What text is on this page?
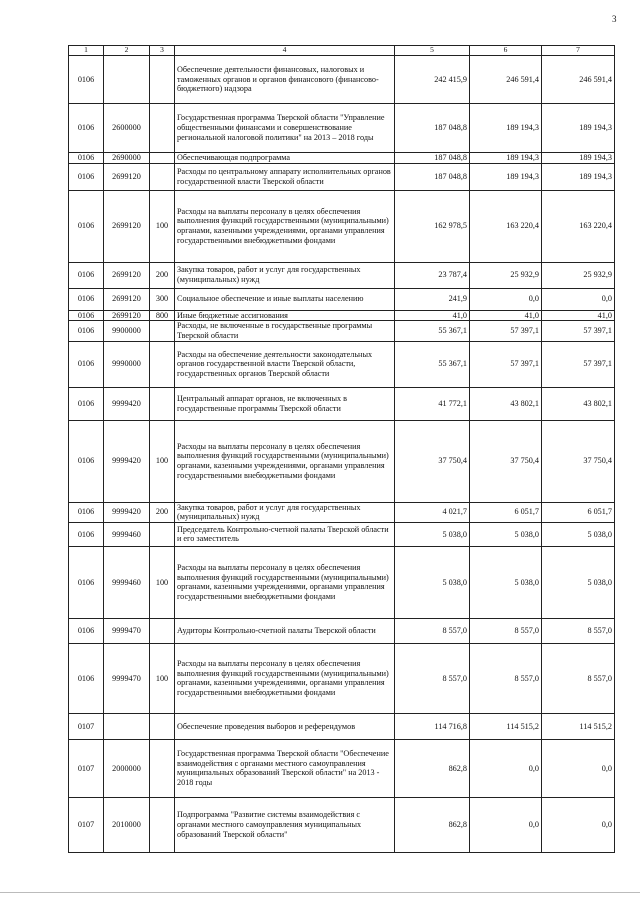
3
1	2	3	4	5	6	7
0106			Обеспечение деятельности финансовых, налоговых и таможенных органов и органов финансового (финансово-бюджетного) надзора	242 415,9	246 591,4	246 591,4
0106	2600000		Государственная программа Тверской области "Управление общественными финансами и совершенствование региональной налоговой политики" на 2013 – 2018 годы	187 048,8	189 194,3	189 194,3
0106	2690000		Обеспечивающая подпрограмма	187 048,8	189 194,3	189 194,3
0106	2699120		Расходы по центральному аппарату исполнительных органов государственной власти Тверской области	187 048,8	189 194,3	189 194,3
0106	2699120	100	Расходы на выплаты персоналу в целях обеспечения выполнения функций государственными (муниципальными) органами, казенными учреждениями, органами управления государственными внебюджетными фондами	162 978,5	163 220,4	163 220,4
0106	2699120	200	Закупка товаров, работ и услуг для государственных (муниципальных) нужд	23 787,4	25 932,9	25 932,9
0106	2699120	300	Социальное обеспечение и иные выплаты населению	241,9	0,0	0,0
0106	2699120	800	Иные бюджетные ассигнования	41,0	41,0	41,0
0106	9900000		Расходы, не включенные в государственные программы Тверской области	55 367,1	57 397,1	57 397,1
0106	9990000		Расходы на обеспечение деятельности законодательных органов государственной власти Тверской области, государственных органов Тверской области	55 367,1	57 397,1	57 397,1
0106	9999420		Центральный аппарат органов, не включенных в государственные программы Тверской области	41 772,1	43 802,1	43 802,1
0106	9999420	100	Расходы на выплаты персоналу в целях обеспечения выполнения функций государственными (муниципальными) органами, казенными учреждениями, органами управления государственными внебюджетными фондами	37 750,4	37 750,4	37 750,4
0106	9999420	200	Закупка товаров, работ и услуг для государственных (муниципальных) нужд	4 021,7	6 051,7	6 051,7
0106	9999460		Председатель Контрольно-счетной палаты Тверской области и его заместитель	5 038,0	5 038,0	5 038,0
0106	9999460	100	Расходы на выплаты персоналу в целях обеспечения выполнения функций государственными (муниципальными) органами, казенными учреждениями, органами управления государственными внебюджетными фондами	5 038,0	5 038,0	5 038,0
0106	9999470		Аудиторы Контрольно-счетной палаты Тверской области	8 557,0	8 557,0	8 557,0
0106	9999470	100	Расходы на выплаты персоналу в целях обеспечения выполнения функций государственными (муниципальными) органами, казенными учреждениями, органами управления государственными внебюджетными фондами	8 557,0	8 557,0	8 557,0
0107			Обеспечение проведения выборов и референдумов	114 716,8	114 515,2	114 515,2
0107	2000000		Государственная программа Тверской области "Обеспечение взаимодействия с органами местного самоуправления муниципальных образований Тверской области" на 2013 - 2018 годы	862,8	0,0	0,0
0107	2010000		Подпрограмма "Развитие системы взаимодействия с органами местного самоуправления муниципальных образований Тверской области"	862,8	0,0	0,0
